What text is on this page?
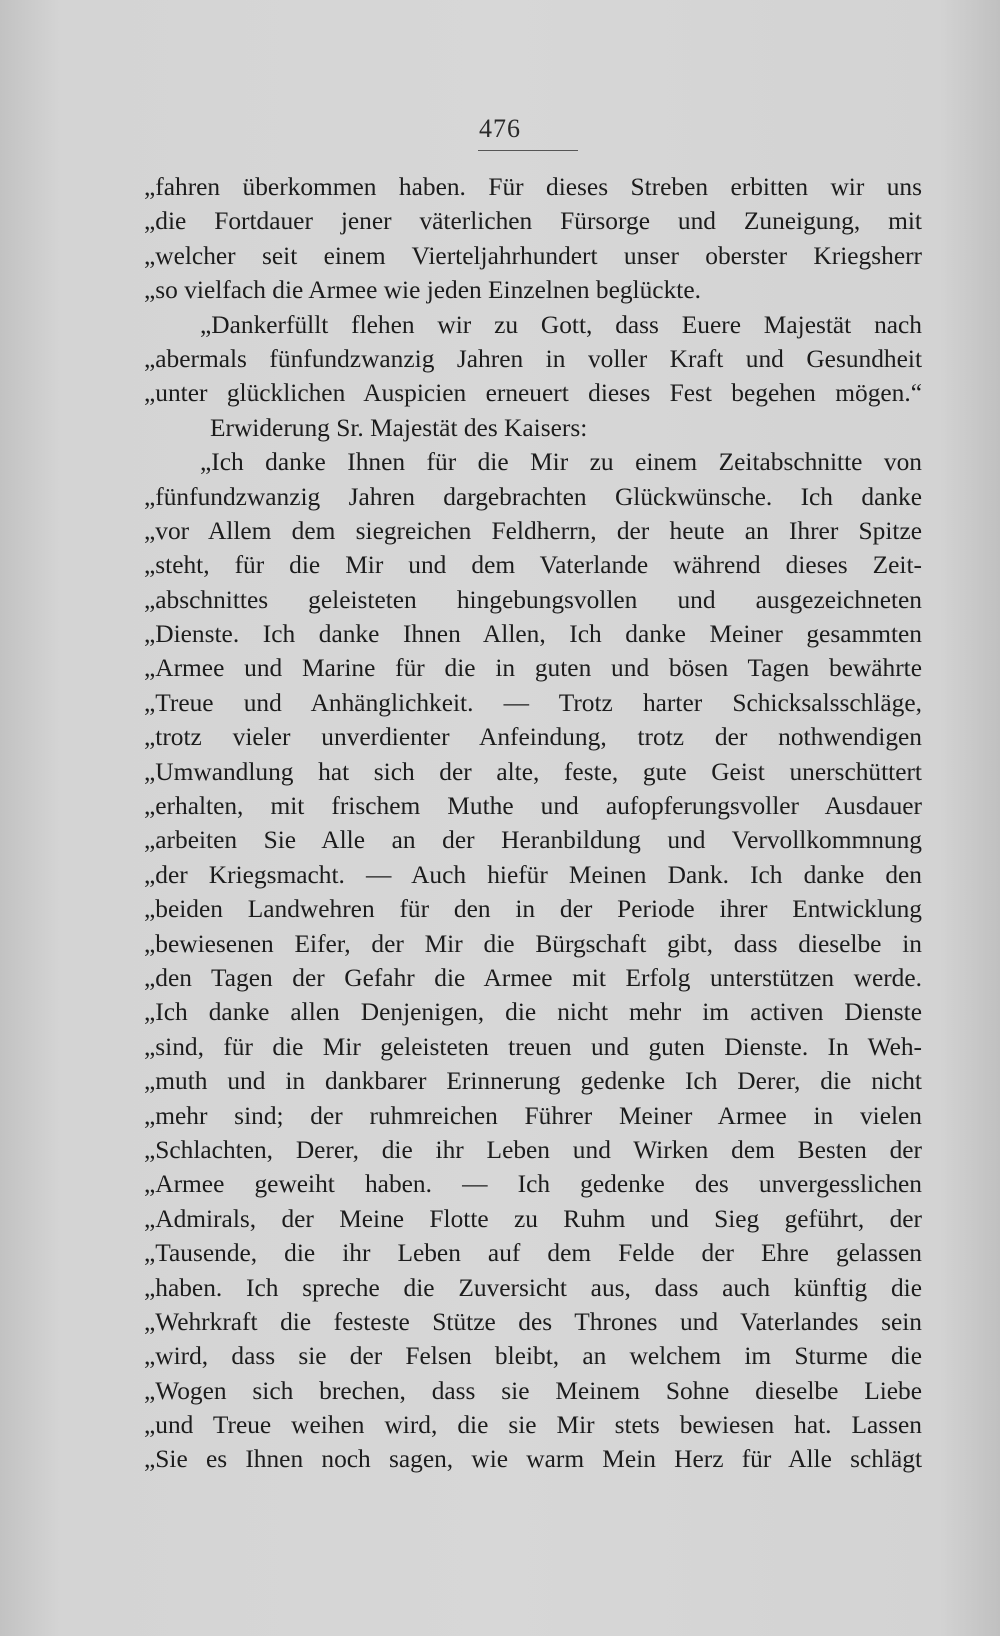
476
„fahren überkommen haben. Für dieses Streben erbitten wir uns
„die Fortdauer jener väterlichen Fürsorge und Zuneigung, mit
„welcher seit einem Vierteljahrhundert unser oberster Kriegsherr
„so vielfach die Armee wie jeden Einzelnen beglückte.
„Dankerfüllt flehen wir zu Gott, dass Euere Majestät nach
„abermals fünfundzwanzig Jahren in voller Kraft und Gesundheit
„unter glücklichen Auspicien erneuert dieses Fest begehen mögen.“
Erwiderung Sr. Majestät des Kaisers:
„Ich danke Ihnen für die Mir zu einem Zeitabschnitte von
„fünfundzwanzig Jahren dargebrachten Glückwünsche. Ich danke
„vor Allem dem siegreichen Feldherrn, der heute an Ihrer Spitze
„steht, für die Mir und dem Vaterlande während dieses Zeit-
„abschnittes geleisteten hingebungsvollen und ausgezeichneten
„Dienste. Ich danke Ihnen Allen, Ich danke Meiner gesammten
„Armee und Marine für die in guten und bösen Tagen bewährte
„Treue und Anhänglichkeit. — Trotz harter Schicksalsschläge,
„trotz vieler unverdienter Anfeindung, trotz der nothwendigen
„Umwandlung hat sich der alte, feste, gute Geist unerschüttert
„erhalten, mit frischem Muthe und aufopferungsvoller Ausdauer
„arbeiten Sie Alle an der Heranbildung und Vervollkommnung
„der Kriegsmacht. — Auch hiefür Meinen Dank. Ich danke den
„beiden Landwehren für den in der Periode ihrer Entwicklung
„bewiesenen Eifer, der Mir die Bürgschaft gibt, dass dieselbe in
„den Tagen der Gefahr die Armee mit Erfolg unterstützen werde.
„Ich danke allen Denjenigen, die nicht mehr im activen Dienste
„sind, für die Mir geleisteten treuen und guten Dienste. In Weh-
„muth und in dankbarer Erinnerung gedenke Ich Derer, die nicht
„mehr sind; der ruhmreichen Führer Meiner Armee in vielen
„Schlachten, Derer, die ihr Leben und Wirken dem Besten der
„Armee geweiht haben. — Ich gedenke des unvergesslichen
„Admirals, der Meine Flotte zu Ruhm und Sieg geführt, der
„Tausende, die ihr Leben auf dem Felde der Ehre gelassen
„haben. Ich spreche die Zuversicht aus, dass auch künftig die
„Wehrkraft die festeste Stütze des Thrones und Vaterlandes sein
„wird, dass sie der Felsen bleibt, an welchem im Sturme die
„Wogen sich brechen, dass sie Meinem Sohne dieselbe Liebe
„und Treue weihen wird, die sie Mir stets bewiesen hat. Lassen
„Sie es Ihnen noch sagen, wie warm Mein Herz für Alle schlägt
